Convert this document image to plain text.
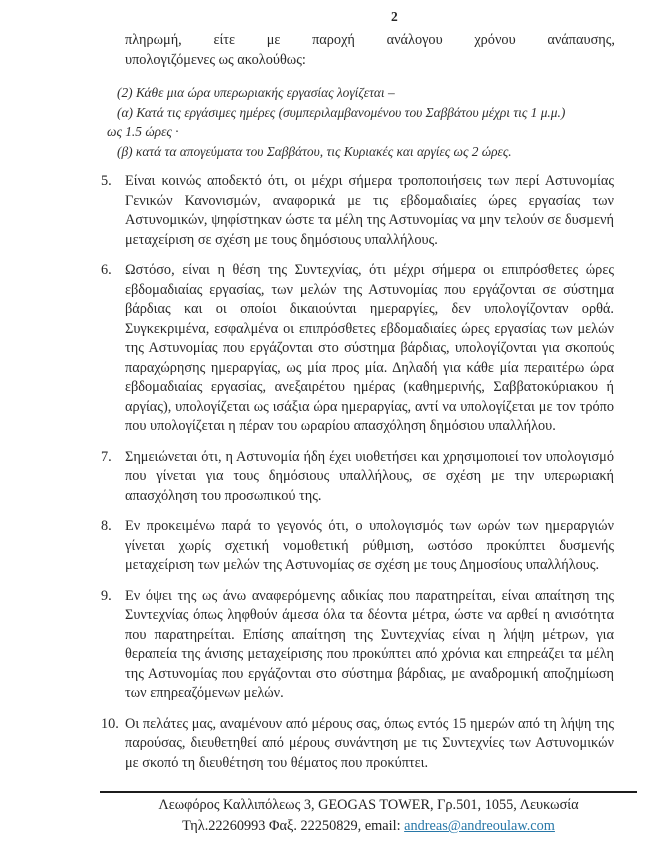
2
πληρωμή, είτε με παροχή ανάλογου χρόνου ανάπαυσης,
υπολογιζόμενες ως ακολούθως:
(2) Κάθε μια ώρα υπερωριακής εργασίας λογίζεται –
(α) Κατά τις εργάσιμες ημέρες (συμπεριλαμβανομένου του Σαββάτου μέχρι τις 1 μ.μ.)
ως 1.5 ώρες ·
(β) κατά τα απογεύματα του Σαββάτου, τις Κυριακές και αργίες ως 2 ώρες.
5. Είναι κοινώς αποδεκτό ότι, οι μέχρι σήμερα τροποποιήσεις των περί Αστυνομίας Γενικών Κανονισμών, αναφορικά με τις εβδομαδιαίες ώρες εργασίας των Αστυνομικών, ψηφίστηκαν ώστε τα μέλη της Αστυνομίας να μην τελούν σε δυσμενή μεταχείριση σε σχέση με τους δημόσιους υπαλλήλους.
6. Ωστόσο, είναι η θέση της Συντεχνίας, ότι μέχρι σήμερα οι επιπρόσθετες ώρες εβδομαδιαίας εργασίας, των μελών της Αστυνομίας που εργάζονται σε σύστημα βάρδιας και οι οποίοι δικαιούνται ημεραργίες, δεν υπολογίζονταν ορθά. Συγκεκριμένα, εσφαλμένα οι επιπρόσθετες εβδομαδιαίες ώρες εργασίας των μελών της Αστυνομίας που εργάζονται στο σύστημα βάρδιας, υπολογίζονται για σκοπούς παραχώρησης ημεραργίας, ως μία προς μία. Δηλαδή για κάθε μία περαιτέρω ώρα εβδομαδιαίας εργασίας, ανεξαιρέτου ημέρας (καθημερινής, Σαββατοκύριακου ή αργίας), υπολογίζεται ως ισάξια ώρα ημεραργίας, αντί να υπολογίζεται με τον τρόπο που υπολογίζεται η πέραν του ωραρίου απασχόληση δημόσιου υπαλλήλου.
7. Σημειώνεται ότι, η Αστυνομία ήδη έχει υιοθετήσει και χρησιμοποιεί τον υπολογισμό που γίνεται για τους δημόσιους υπαλλήλους, σε σχέση με την υπερωριακή απασχόληση του προσωπικού της.
8. Εν προκειμένω παρά το γεγονός ότι, ο υπολογισμός των ωρών των ημεραργιών γίνεται χωρίς σχετική νομοθετική ρύθμιση, ωστόσο προκύπτει δυσμενής μεταχείριση των μελών της Αστυνομίας σε σχέση με τους Δημοσίους υπαλλήλους.
9. Εν όψει της ως άνω αναφερόμενης αδικίας που παρατηρείται, είναι απαίτηση της Συντεχνίας όπως ληφθούν άμεσα όλα τα δέοντα μέτρα, ώστε να αρθεί η ανισότητα που παρατηρείται. Επίσης απαίτηση της Συντεχνίας είναι η λήψη μέτρων, για θεραπεία της άνισης μεταχείρισης που προκύπτει από χρόνια και επηρεάζει τα μέλη της Αστυνομίας που εργάζονται στο σύστημα βάρδιας, με αναδρομική αποζημίωση των επηρεαζόμενων μελών.
10. Οι πελάτες μας, αναμένουν από μέρους σας, όπως εντός 15 ημερών από τη λήψη της παρούσας, διευθετηθεί από μέρους συνάντηση με τις Συντεχνίες των Αστυνομικών με σκοπό τη διευθέτηση του θέματος που προκύπτει.
Λεωφόρος Καλλιπόλεως 3, GEOGAS TOWER, Γρ.501, 1055, Λευκωσία
Τηλ.22260993 Φαξ. 22250829, email: andreas@andreoulaw.com
